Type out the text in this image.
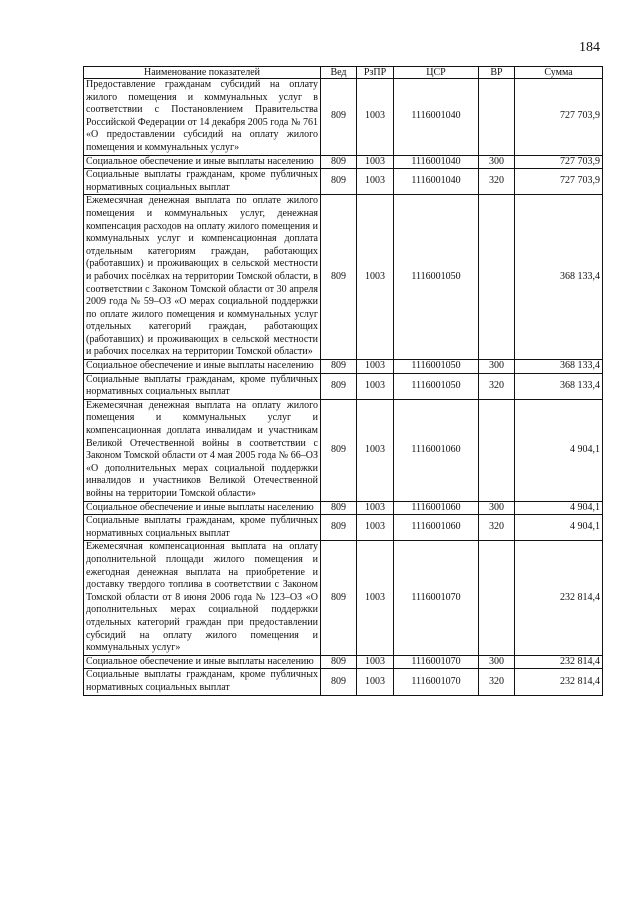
184
Наименование показателей	Вед	РзПР	ЦСР	ВР	Сумма
Предоставление гражданам субсидий на оплату жилого помещения и коммунальных услуг в соответствии с Постановлением Правительства Российской Федерации от 14 декабря 2005 года № 761 «О предоставлении субсидий на оплату жилого помещения и коммунальных услуг»	809	1003	1116001040		727 703,9
Социальное обеспечение и иные выплаты населению	809	1003	1116001040	300	727 703,9
Социальные выплаты гражданам, кроме публичных нормативных социальных выплат	809	1003	1116001040	320	727 703,9
Ежемесячная денежная выплата по оплате жилого помещения и коммунальных услуг, денежная компенсация расходов на оплату жилого помещения и коммунальных услуг и компенсационная доплата отдельным категориям граждан, работающих (работавших) и проживающих в сельской местности и рабочих посёлках на территории Томской области, в соответствии с Законом Томской области от 30 апреля 2009 года № 59–ОЗ «О мерах социальной поддержки по оплате жилого помещения и коммунальных услуг отдельных категорий граждан, работающих (работавших) и проживающих в сельской местности и рабочих поселках на территории Томской области»	809	1003	1116001050		368 133,4
Социальное обеспечение и иные выплаты населению	809	1003	1116001050	300	368 133,4
Социальные выплаты гражданам, кроме публичных нормативных социальных выплат	809	1003	1116001050	320	368 133,4
Ежемесячная денежная выплата на оплату жилого помещения и коммунальных услуг и компенсационная доплата инвалидам и участникам Великой Отечественной войны в соответствии с Законом Томской области от 4 мая 2005 года № 66–ОЗ «О дополнительных мерах социальной поддержки инвалидов и участников Великой Отечественной войны на территории Томской области»	809	1003	1116001060		4 904,1
Социальное обеспечение и иные выплаты населению	809	1003	1116001060	300	4 904,1
Социальные выплаты гражданам, кроме публичных нормативных социальных выплат	809	1003	1116001060	320	4 904,1
Ежемесячная компенсационная выплата на оплату дополнительной площади жилого помещения и ежегодная денежная выплата на приобретение и доставку твердого топлива в соответствии с Законом Томской области от 8 июня 2006 года № 123–ОЗ «О дополнительных мерах социальной поддержки отдельных категорий граждан при предоставлении субсидий на оплату жилого помещения и коммунальных услуг»	809	1003	1116001070		232 814,4
Социальное обеспечение и иные выплаты населению	809	1003	1116001070	300	232 814,4
Социальные выплаты гражданам, кроме публичных нормативных социальных выплат	809	1003	1116001070	320	232 814,4
